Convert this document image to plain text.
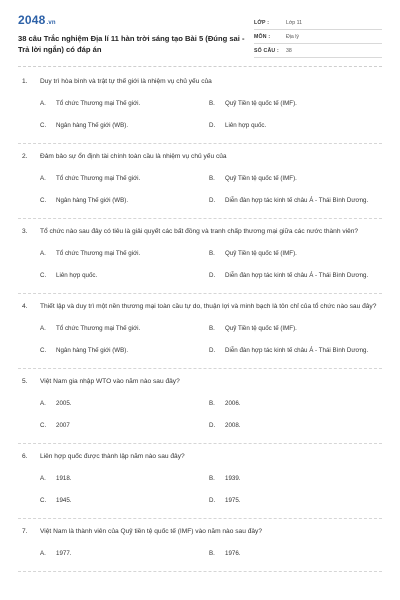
2048.vn
38 câu Trắc nghiệm Địa lí 11 hàn trời sáng tạo Bài 5 (Đúng sai - Trả lời ngắn) có đáp án
LỚP :	Lớp 11
MÔN :	Địa lý
SỐ CÂU :	38
1.	Duy trì hòa bình và trật tự thế giới là nhiệm vụ chủ yếu của
A.	Tổ chức Thương mại Thế giới.	B.	Quỹ Tiền tệ quốc tế (IMF).
C.	Ngân hàng Thế giới (WB).	D.	Liên hợp quốc.
2.	Đảm bảo sự ổn định tài chính toàn cầu là nhiệm vụ chủ yếu của
A.	Tổ chức Thương mại Thế giới.	B.	Quỹ Tiền tệ quốc tế (IMF).
C.	Ngân hàng Thế giới (WB).	D.	Diễn đàn hợp tác kinh tế châu Á - Thái Bình Dương.
3.	Tổ chức nào sau đây có tiêu là giải quyết các bất đồng và tranh chấp thương mại giữa các nước thành viên?
A.	Tổ chức Thương mại Thế giới.	B.	Quỹ Tiền tệ quốc tế (IMF).
C.	Liên hợp quốc.	D.	Diễn đàn hợp tác kinh tế châu Á - Thái Bình Dương.
4.	Thiết lập và duy trì một nền thương mại toàn cầu tự do, thuận lợi và minh bạch là tôn chỉ của tổ chức nào sau đây?
A.	Tổ chức Thương mại Thế giới.	B.	Quỹ Tiền tệ quốc tế (IMF).
C.	Ngân hàng Thế giới (WB).	D.	Diễn đàn hợp tác kinh tế châu Á - Thái Bình Dương.
5.	Việt Nam gia nhập WTO vào năm nào sau đây?
A.	2005.	B.	2006.
C.	2007	D.	2008.
6.	Liên hợp quốc được thành lập năm nào sau đây?
A.	1918.	B.	1939.
C.	1945.	D.	1975.
7.	Việt Nam là thành viên của Quỹ tiền tệ quốc tế (IMF) vào năm nào sau đây?
A.	1977.	B.	1976.
